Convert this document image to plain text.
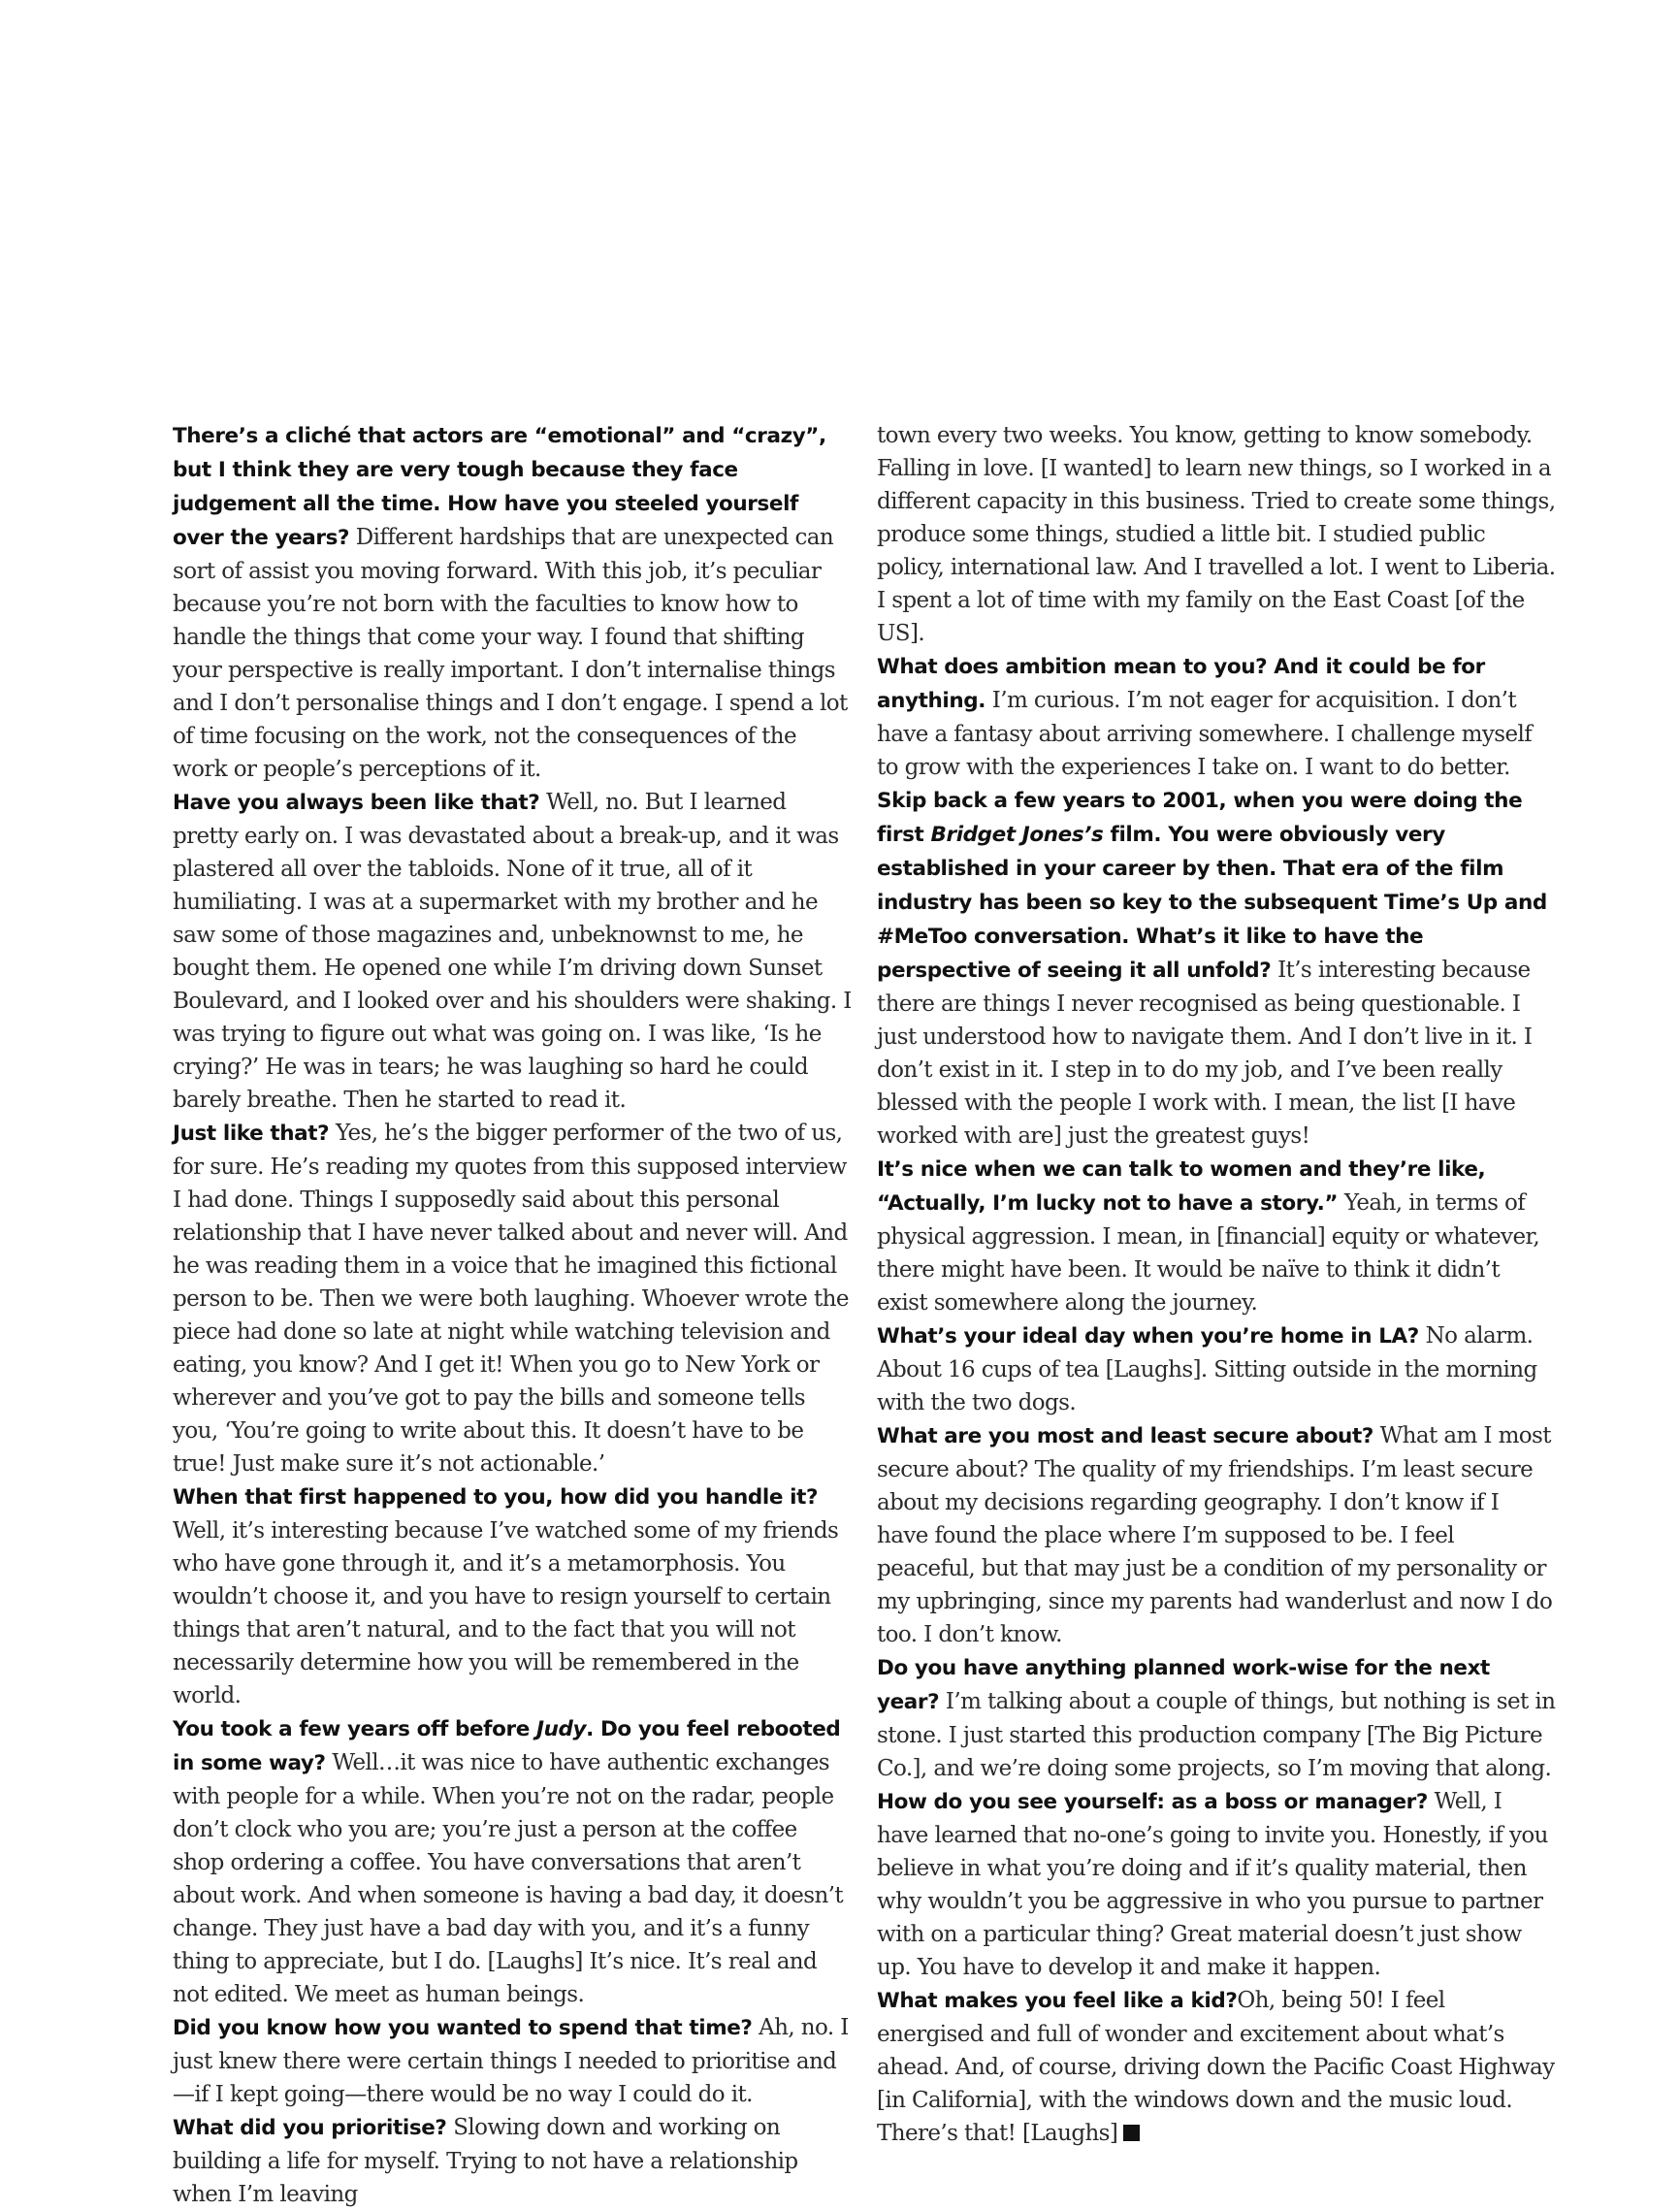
There’s a cliché that actors are “emotional” and “crazy”, but I think they are very tough because they face judgement all the time. How have you steeled yourself over the years? Different hardships that are unexpected can sort of assist you moving forward. With this job, it’s peculiar because you’re not born with the faculties to know how to handle the things that come your way. I found that shifting your perspective is really important. I don’t internalise things and I don’t personalise things and I don’t engage. I spend a lot of time focusing on the work, not the consequences of the work or people’s perceptions of it.

Have you always been like that? Well, no. But I learned pretty early on. I was devastated about a break-up, and it was plastered all over the tabloids. None of it true, all of it humiliating. I was at a supermarket with my brother and he saw some of those magazines and, unbeknownst to me, he bought them. He opened one while I’m driving down Sunset Boulevard, and I looked over and his shoulders were shaking. I was trying to figure out what was going on. I was like, ‘Is he crying?’ He was in tears; he was laughing so hard he could barely breathe. Then he started to read it.

Just like that? Yes, he’s the bigger performer of the two of us, for sure. He’s reading my quotes from this supposed interview I had done. Things I supposedly said about this personal relationship that I have never talked about and never will. And he was reading them in a voice that he imagined this fictional person to be. Then we were both laughing. Whoever wrote the piece had done so late at night while watching television and eating, you know? And I get it! When you go to New York or wherever and you’ve got to pay the bills and someone tells you, ‘You’re going to write about this. It doesn’t have to be true! Just make sure it’s not actionable.’

When that first happened to you, how did you handle it? Well, it’s interesting because I’ve watched some of my friends who have gone through it, and it’s a metamorphosis. You wouldn’t choose it, and you have to resign yourself to certain things that aren’t natural, and to the fact that you will not necessarily determine how you will be remembered in the world.

You took a few years off before Judy. Do you feel rebooted in some way? Well…it was nice to have authentic exchanges with people for a while. When you’re not on the radar, people don’t clock who you are; you’re just a person at the coffee shop ordering a coffee. You have conversations that aren’t about work. And when someone is having a bad day, it doesn’t change. They just have a bad day with you, and it’s a funny thing to appreciate, but I do. [Laughs] It’s nice. It’s real and not edited. We meet as human beings.

Did you know how you wanted to spend that time? Ah, no. I just knew there were certain things I needed to prioritise and—if I kept going—there would be no way I could do it.

What did you prioritise? Slowing down and working on building a life for myself. Trying to not have a relationship when I’m leaving

town every two weeks. You know, getting to know somebody. Falling in love. [I wanted] to learn new things, so I worked in a different capacity in this business. Tried to create some things, produce some things, studied a little bit. I studied public policy, international law. And I travelled a lot. I went to Liberia. I spent a lot of time with my family on the East Coast [of the US].

What does ambition mean to you? And it could be for anything. I’m curious. I’m not eager for acquisition. I don’t have a fantasy about arriving somewhere. I challenge myself to grow with the experiences I take on. I want to do better.

Skip back a few years to 2001, when you were doing the first Bridget Jones’s film. You were obviously very established in your career by then. That era of the film industry has been so key to the subsequent Time’s Up and #MeToo conversation. What’s it like to have the perspective of seeing it all unfold? It’s interesting because there are things I never recognised as being questionable. I just understood how to navigate them. And I don’t live in it. I don’t exist in it. I step in to do my job, and I’ve been really blessed with the people I work with. I mean, the list [I have worked with are] just the greatest guys!

It’s nice when we can talk to women and they’re like, “Actually, I’m lucky not to have a story.” Yeah, in terms of physical aggression. I mean, in [financial] equity or whatever, there might have been. It would be naïve to think it didn’t exist somewhere along the journey.

What’s your ideal day when you’re home in LA? No alarm. About 16 cups of tea [Laughs]. Sitting outside in the morning with the two dogs.

What are you most and least secure about? What am I most secure about? The quality of my friendships. I’m least secure about my decisions regarding geography. I don’t know if I have found the place where I’m supposed to be. I feel peaceful, but that may just be a condition of my personality or my upbringing, since my parents had wanderlust and now I do too. I don’t know.

Do you have anything planned work-wise for the next year? I’m talking about a couple of things, but nothing is set in stone. I just started this production company [The Big Picture Co.], and we’re doing some projects, so I’m moving that along.

How do you see yourself: as a boss or manager? Well, I have learned that no-one’s going to invite you. Honestly, if you believe in what you’re doing and if it’s quality material, then why wouldn’t you be aggressive in who you pursue to partner with on a particular thing? Great material doesn’t just show up. You have to develop it and make it happen.

What makes you feel like a kid?Oh, being 50! I feel energised and full of wonder and excitement about what’s ahead. And, of course, driving down the Pacific Coast Highway [in California], with the windows down and the music loud. There’s that! [Laughs]
